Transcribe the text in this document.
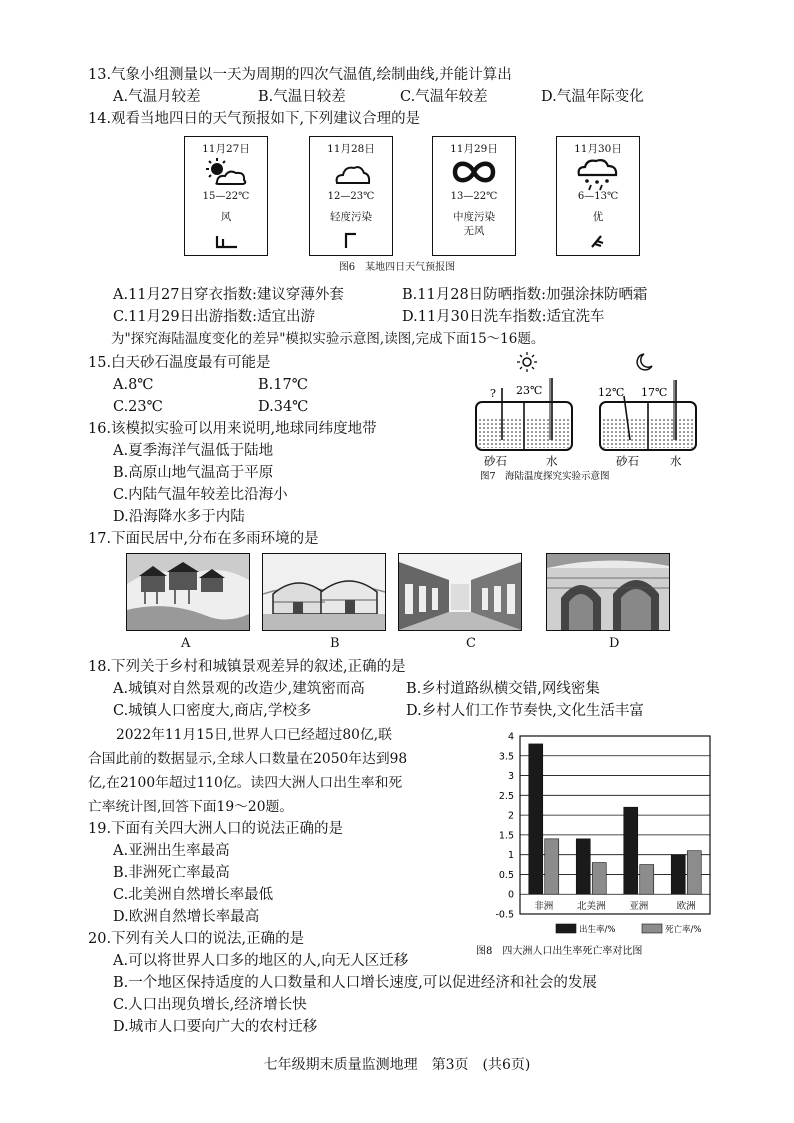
13.气象小组测量以一天为周期的四次气温值,绘制曲线,并能计算出
A.气温月较差	B.气温日较差	C.气温年较差	D.气温年际变化
14.观看当地四日的天气预报如下,下列建议合理的是
11月27日
15—22℃
风
11月28日
12—23℃
轻度污染
11月29日
13—22℃
中度污染
无风
11月30日
6—13℃
优
图6　某地四日天气预报图
A.11月27日穿衣指数:建议穿薄外套	B.11月28日防晒指数:加强涂抹防晒霜
C.11月29日出游指数:适宜出游	D.11月30日洗车指数:适宜洗车
为"探究海陆温度变化的差异"模拟实验示意图,读图,完成下面15～16题。
15.白天砂石温度最有可能是
A.8℃	B.17℃
C.23℃	D.34℃
? 23℃	12℃ 17℃
砂石	水	砂石	水
图7　海陆温度探究实验示意图
16.该模拟实验可以用来说明,地球同纬度地带
A.夏季海洋气温低于陆地
B.高原山地气温高于平原
C.内陆气温年较差比沿海小
D.沿海降水多于内陆
17.下面民居中,分布在多雨环境的是
A	B	C	D
18.下列关于乡村和城镇景观差异的叙述,正确的是
A.城镇对自然景观的改造少,建筑密而高	B.乡村道路纵横交错,网线密集
C.城镇人口密度大,商店,学校多	D.乡村人们工作节奏快,文化生活丰富
2022年11月15日,世界人口已经超过80亿,联
合国此前的数据显示,全球人口数量在2050年达到98
亿,在2100年超过110亿。读四大洲人口出生率和死
亡率统计图,回答下面19～20题。
19.下面有关四大洲人口的说法正确的是
A.亚洲出生率最高
B.非洲死亡率最高
C.北美洲自然增长率最低
D.欧洲自然增长率最高	-0.5
0
0.5
1
1.5
2
2.5
3
3.5
4
非洲 北美洲 亚洲	欧洲
出生率/%	死亡率/%
图8　四大洲人口出生率死亡率对比图
20.下列有关人口的说法,正确的是
A.可以将世界人口多的地区的人,向无人区迁移
B.一个地区保持适度的人口数量和人口增长速度,可以促进经济和社会的发展
C.人口出现负增长,经济增长快
D.城市人口要向广大的农村迁移
七年级期末质量监测地理　第3页　(共6页)
